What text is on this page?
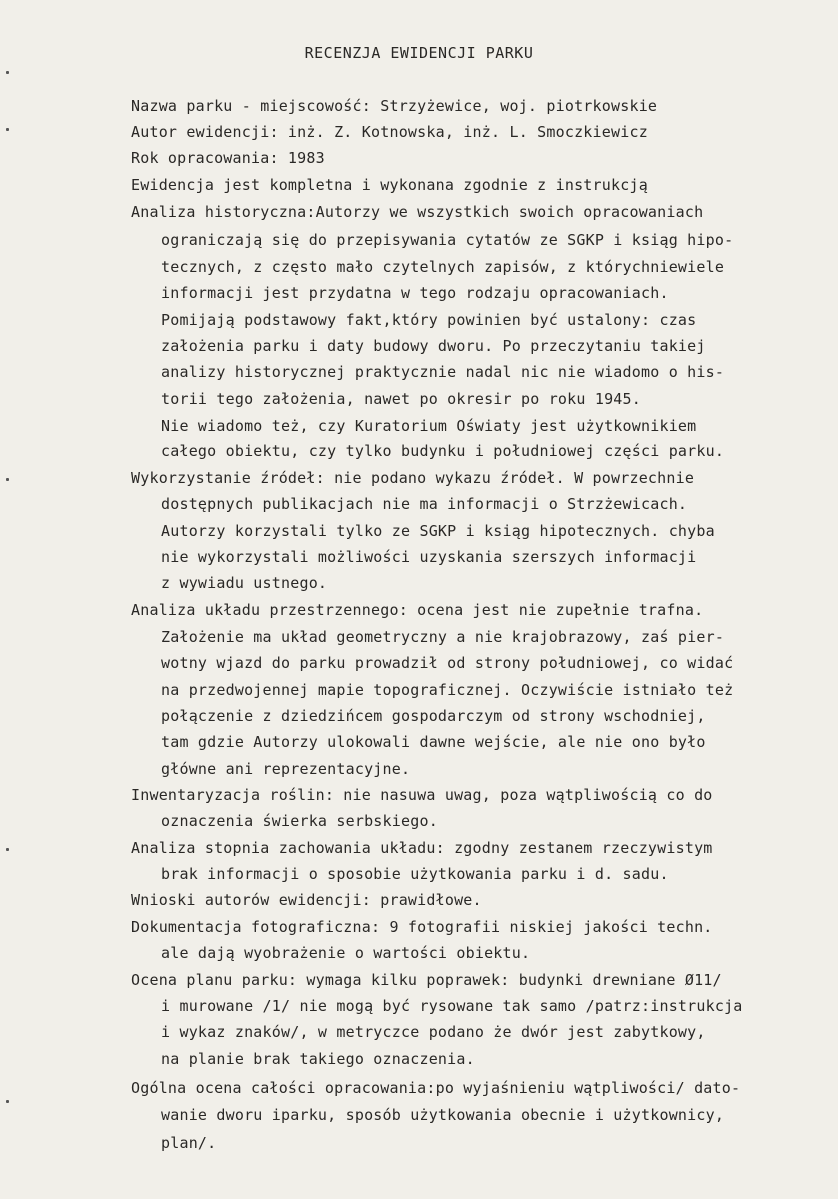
RECENZJA EWIDENCJI PARKU
Nazwa parku - miejscowość: Strzyżewice, woj. piotrkowskie
Autor ewidencji: inż. Z. Kotnowska, inż. L. Smoczkiewicz
Rok opracowania: 1983
Ewidencja jest kompletna i wykonana zgodnie z instrukcją
Analiza historyczna:Autorzy we wszystkich swoich opracowaniach
ograniczają się do przepisywania cytatów ze SGKP i ksiąg hipo-
tecznych, z często mało czytelnych zapisów, z którychniewiele
informacji jest przydatna w tego rodzaju opracowaniach.
Pomijają podstawowy fakt,który powinien być ustalony: czas
założenia parku i daty budowy dworu. Po przeczytaniu takiej
analizy historycznej praktycznie nadal nic nie wiadomo o his-
torii tego założenia, nawet po okresir po roku 1945.
Nie wiadomo też, czy Kuratorium Oświaty jest użytkownikiem
całego obiektu, czy tylko budynku i południowej części parku.
Wykorzystanie źródeł: nie podano wykazu źródeł. W powrzechnie
dostępnych publikacjach nie ma informacji o Strzżewicach.
Autorzy korzystali tylko ze SGKP i ksiąg hipotecznych. chyba
nie wykorzystali możliwości uzyskania szerszych informacji
z wywiadu ustnego.
Analiza układu przestrzennego: ocena jest nie zupełnie trafna.
Założenie ma układ geometryczny a nie krajobrazowy, zaś pier-
wotny wjazd do parku prowadził od strony południowej, co widać
na przedwojennej mapie topograficznej. Oczywiście istniało też
połączenie z dziedzińcem gospodarczym od strony wschodniej,
tam gdzie Autorzy ulokowali dawne wejście, ale nie ono było
główne ani reprezentacyjne.
Inwentaryzacja roślin: nie nasuwa uwag, poza wątpliwością co do
oznaczenia świerka serbskiego.
Analiza stopnia zachowania układu: zgodny zestanem rzeczywistym
brak informacji o sposobie użytkowania parku i d. sadu.
Wnioski autorów ewidencji: prawidłowe.
Dokumentacja fotograficzna: 9 fotografii niskiej jakości techn.
ale dają wyobrażenie o wartości obiektu.
Ocena planu parku: wymaga kilku poprawek: budynki drewniane Ø11/
i murowane /1/ nie mogą być rysowane tak samo /patrz:instrukcja
i wykaz znaków/, w metryczce podano że dwór jest zabytkowy,
na planie brak takiego oznaczenia.
Ogólna ocena całości opracowania:po wyjaśnieniu wątpliwości/ dato-
wanie dworu iparku, sposób użytkowania obecnie i użytkownicy,
plan/.
